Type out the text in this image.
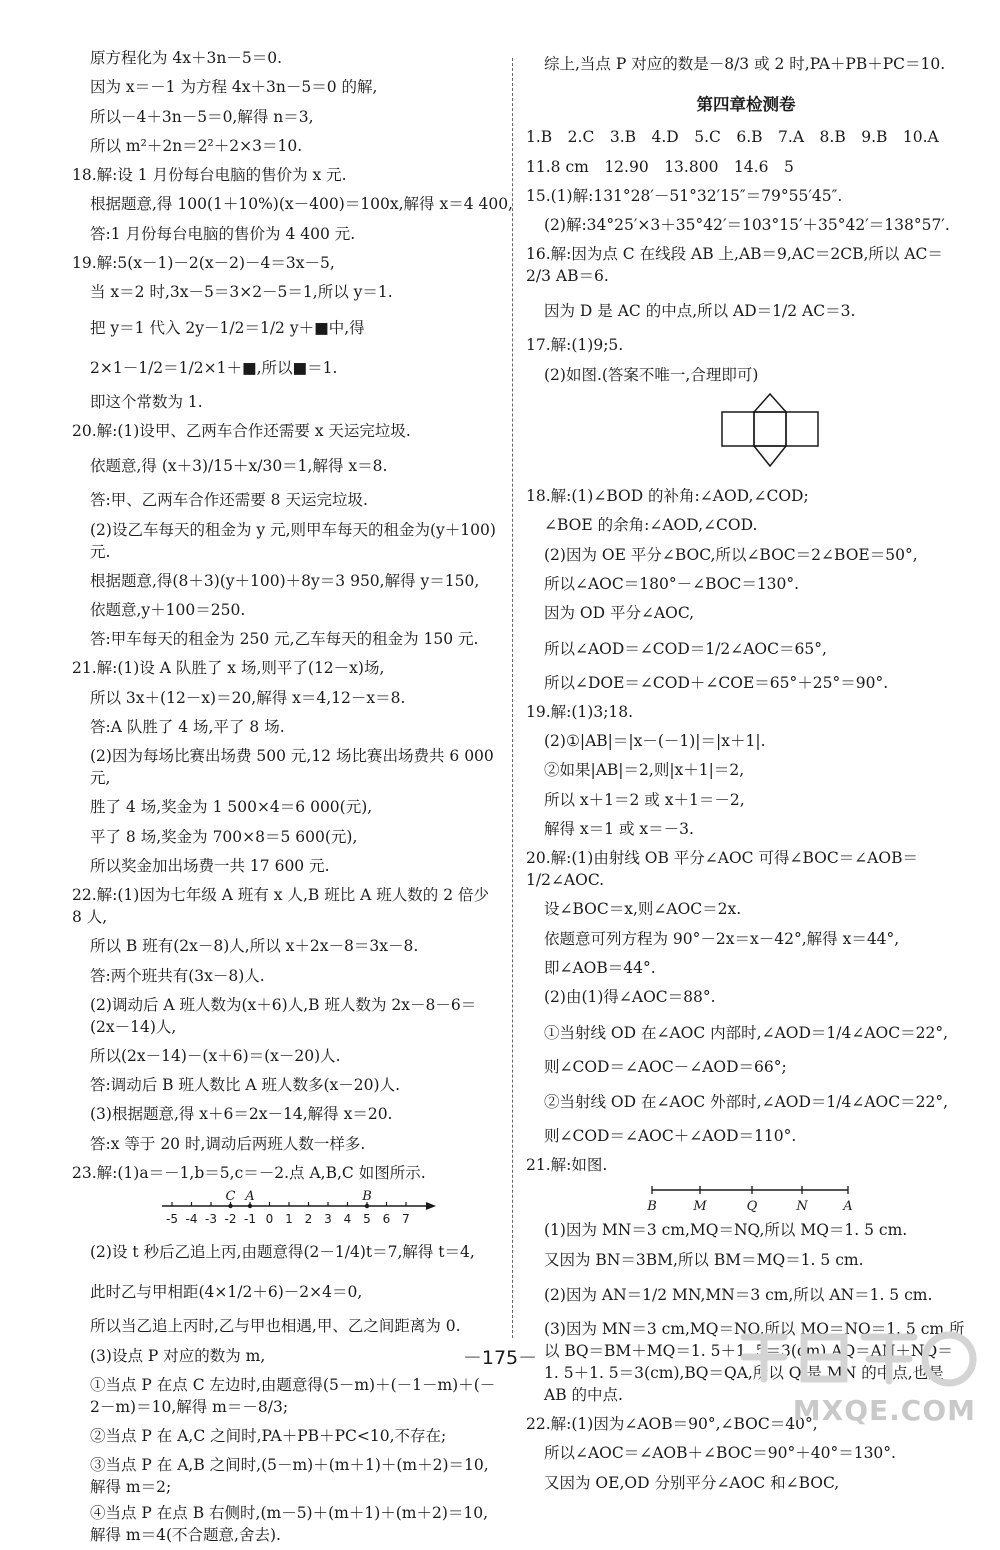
原方程化为 4x＋3n－5＝0.
因为 x＝－1 为方程 4x＋3n－5＝0 的解,
所以－4＋3n－5＝0,解得 n＝3,
所以 m²＋2n＝2²＋2×3＝10.
18.解:设 1 月份每台电脑的售价为 x 元.
根据题意,得 100(1＋10%)(x－400)＝100x,解得 x＝4 400,
答:1 月份每台电脑的售价为 4 400 元.
19.解:5(x－1)－2(x－2)－4＝3x－5,
当 x＝2 时,3x－5＝3×2－5＝1,所以 y＝1.
把 y＝1 代入 2y－1/2＝1/2 y＋■中,得
2×1－1/2＝1/2×1＋■,所以■＝1.
即这个常数为 1.
20.解:(1)设甲、乙两车合作还需要 x 天运完垃圾.
依题意,得 (x＋3)/15＋x/30＝1,解得 x＝8.
答:甲、乙两车合作还需要 8 天运完垃圾.
(2)设乙车每天的租金为 y 元,则甲车每天的租金为(y＋100)元.
根据题意,得(8＋3)(y＋100)＋8y＝3 950,解得 y＝150,
依题意,y＋100＝250.
答:甲车每天的租金为 250 元,乙车每天的租金为 150 元.
21.解:(1)设 A 队胜了 x 场,则平了(12－x)场,
所以 3x＋(12－x)＝20,解得 x＝4,12－x＝8.
答:A 队胜了 4 场,平了 8 场.
(2)因为每场比赛出场费 500 元,12 场比赛出场费共 6 000 元,
胜了 4 场,奖金为 1 500×4＝6 000(元),
平了 8 场,奖金为 700×8＝5 600(元),
所以奖金加出场费一共 17 600 元.
22.解:(1)因为七年级 A 班有 x 人,B 班比 A 班人数的 2 倍少 8 人,
所以 B 班有(2x－8)人,所以 x＋2x－8＝3x－8.
答:两个班共有(3x－8)人.
(2)调动后 A 班人数为(x＋6)人,B 班人数为 2x－8－6＝(2x－14)人,
所以(2x－14)－(x＋6)＝(x－20)人.
答:调动后 B 班人数比 A 班人数多(x－20)人.
(3)根据题意,得 x＋6＝2x－14,解得 x＝20.
答:x 等于 20 时,调动后两班人数一样多.
23.解:(1)a＝－1,b＝5,c＝－2.点 A,B,C 如图所示.
-5 -4 -3 -2 -1 0 1 2 3 4 5 6 7
C A	B
(2)设 t 秒后乙追上丙,由题意得(2－1/4)t＝7,解得 t＝4,
此时乙与甲相距(4×1/2＋6)－2×4＝0,
所以当乙追上丙时,乙与甲也相遇,甲、乙之间距离为 0.
(3)设点 P 对应的数为 m,
①当点 P 在点 C 左边时,由题意得(5－m)＋(－1－m)＋(－2－m)＝10,解得 m＝－8/3;
②当点 P 在 A,C 之间时,PA＋PB＋PC<10,不存在;
③当点 P 在 A,B 之间时,(5－m)＋(m＋1)＋(m＋2)＝10,解得 m＝2;
④当点 P 在点 B 右侧时,(m－5)＋(m＋1)＋(m＋2)＝10,解得 m＝4(不合题意,舍去).
综上,当点 P 对应的数是－8/3 或 2 时,PA＋PB＋PC＝10.
第四章检测卷
1.B　2.C　3.B　4.D　5.C　6.B　7.A　8.B　9.B　10.A
11.8 cm　12.90　13.800　14.6　5
15.(1)解:131°28′－51°32′15″＝79°55′45″.
(2)解:34°25′×3＋35°42′＝103°15′＋35°42′＝138°57′.
16.解:因为点 C 在线段 AB 上,AB＝9,AC＝2CB,所以 AC＝2/3 AB＝6.
因为 D 是 AC 的中点,所以 AD＝1/2 AC＝3.
17.解:(1)9;5.
(2)如图.(答案不唯一,合理即可)
18.解:(1)∠BOD 的补角:∠AOD,∠COD;
∠BOE 的余角:∠AOD,∠COD.
(2)因为 OE 平分∠BOC,所以∠BOC＝2∠BOE＝50°,
所以∠AOC＝180°－∠BOC＝130°.
因为 OD 平分∠AOC,
所以∠AOD＝∠COD＝1/2∠AOC＝65°,
所以∠DOE＝∠COD＋∠COE＝65°＋25°＝90°.
19.解:(1)3;18.
(2)①|AB|＝|x－(－1)|＝|x＋1|.
②如果|AB|＝2,则|x＋1|＝2,
所以 x＋1＝2 或 x＋1＝－2,
解得 x＝1 或 x＝－3.
20.解:(1)由射线 OB 平分∠AOC 可得∠BOC＝∠AOB＝1/2∠AOC.
设∠BOC＝x,则∠AOC＝2x.
依题意可列方程为 90°－2x＝x－42°,解得 x＝44°,
即∠AOB＝44°.
(2)由(1)得∠AOC＝88°.
①当射线 OD 在∠AOC 内部时,∠AOD＝1/4∠AOC＝22°,
则∠COD＝∠AOC－∠AOD＝66°;
②当射线 OD 在∠AOC 外部时,∠AOD＝1/4∠AOC＝22°,
则∠COD＝∠AOC＋∠AOD＝110°.
21.解:如图.
B	M	Q	N	A
(1)因为 MN＝3 cm,MQ＝NQ,所以 MQ＝1. 5 cm.
又因为 BN＝3BM,所以 BM＝MQ＝1. 5 cm.
(2)因为 AN＝1/2 MN,MN＝3 cm,所以 AN＝1. 5 cm.
(3)因为 MN＝3 cm,MQ＝NQ,所以 MQ＝NQ＝1. 5 cm,所以 BQ＝BM＋MQ＝1. 5＋1. 5＝3(cm),AQ＝AN＋NQ＝1. 5＋1. 5＝3(cm),BQ＝QA,所以 Q 是 MN 的中点,也是 AB 的中点.
22.解:(1)因为∠AOB＝90°,∠BOC＝40°,
所以∠AOC＝∠AOB＋∠BOC＝90°＋40°＝130°.
又因为 OE,OD 分别平分∠AOC 和∠BOC,
－175－
MXQE.COM
